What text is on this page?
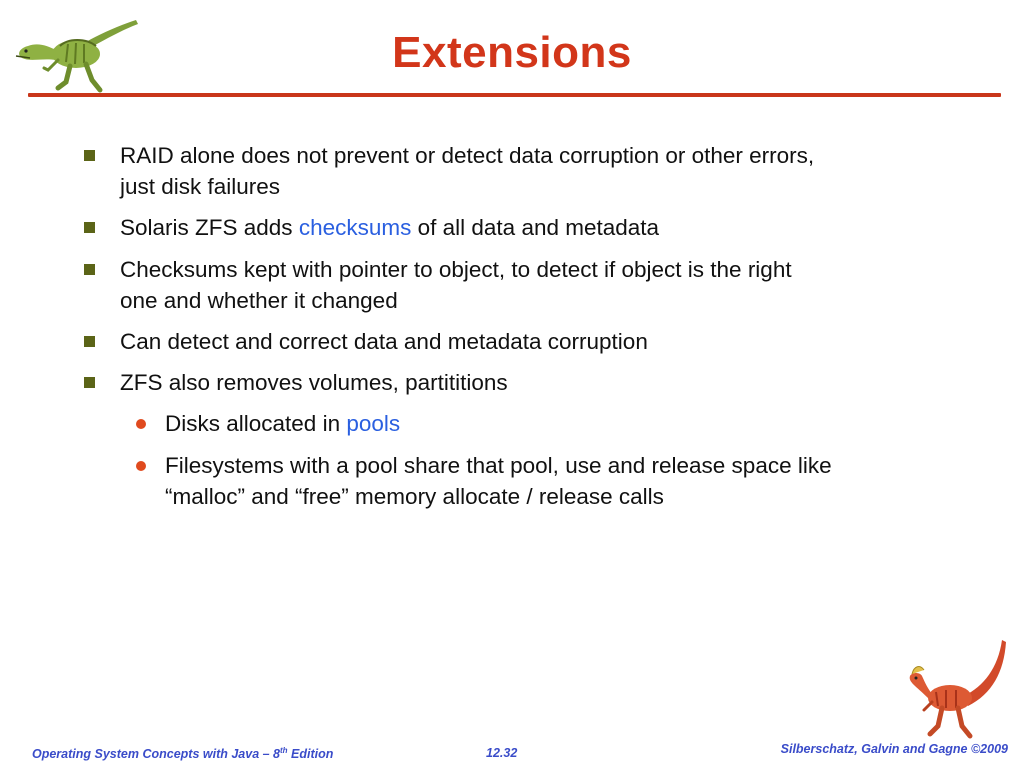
Extensions
RAID alone does not prevent or detect data corruption or other errors,
just disk failures
Solaris ZFS adds checksums of all data and metadata
Checksums kept with pointer to object, to detect if object is the right
one and whether it changed
Can detect and correct data and metadata corruption
ZFS also removes volumes, partititions
Disks allocated in pools
Filesystems with a pool share that pool, use and release space like
“malloc” and “free” memory allocate / release calls
Operating System Concepts with Java – 8th Edition	12.32	Silberschatz, Galvin and Gagne ©2009
